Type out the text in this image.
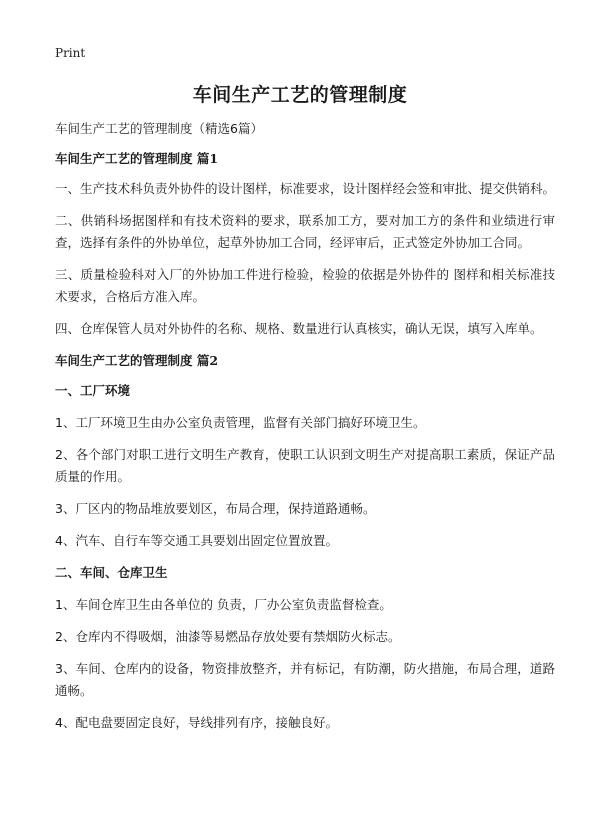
Print
车间生产工艺的管理制度

车间生产工艺的管理制度（精选6篇）

车间生产工艺的管理制度 篇1

一、生产技术科负责外协件的设计图样，标准要求，设计图样经会签和审批、提交供销科。

二、供销科场据图样和有技术资料的要求，联系加工方，要对加工方的条件和业绩进行审查，选择有条件的外协单位，起草外协加工合同，经评审后，正式签定外协加工合同。

三、质量检验科对入厂的外协加工件进行检验，检验的依据是外协件的 图样和相关标准技术要求，合格后方准入库。

四、仓库保管人员对外协件的名称、规格、数量进行认真核实，确认无误，填写入库单。

车间生产工艺的管理制度 篇2
一、工厂环境

1、工厂环境卫生由办公室负责管理，监督有关部门搞好环境卫生。

2、各个部门对职工进行文明生产教育，使职工认识到文明生产对提高职工素质，保证产品质量的作用。

3、厂区内的物品堆放要划区，布局合理，保持道路通畅。

4、汽车、自行车等交通工具要划出固定位置放置。

二、车间、仓库卫生

1、车间仓库卫生由各单位的 负责，厂办公室负责监督检查。

2、仓库内不得吸烟，油漆等易燃品存放处要有禁烟防火标志。

3、车间、仓库内的设备，物资排放整齐，并有标记，有防潮，防火措施，布局合理，道路通畅。

4、配电盘要固定良好，导线排列有序，接触良好。
